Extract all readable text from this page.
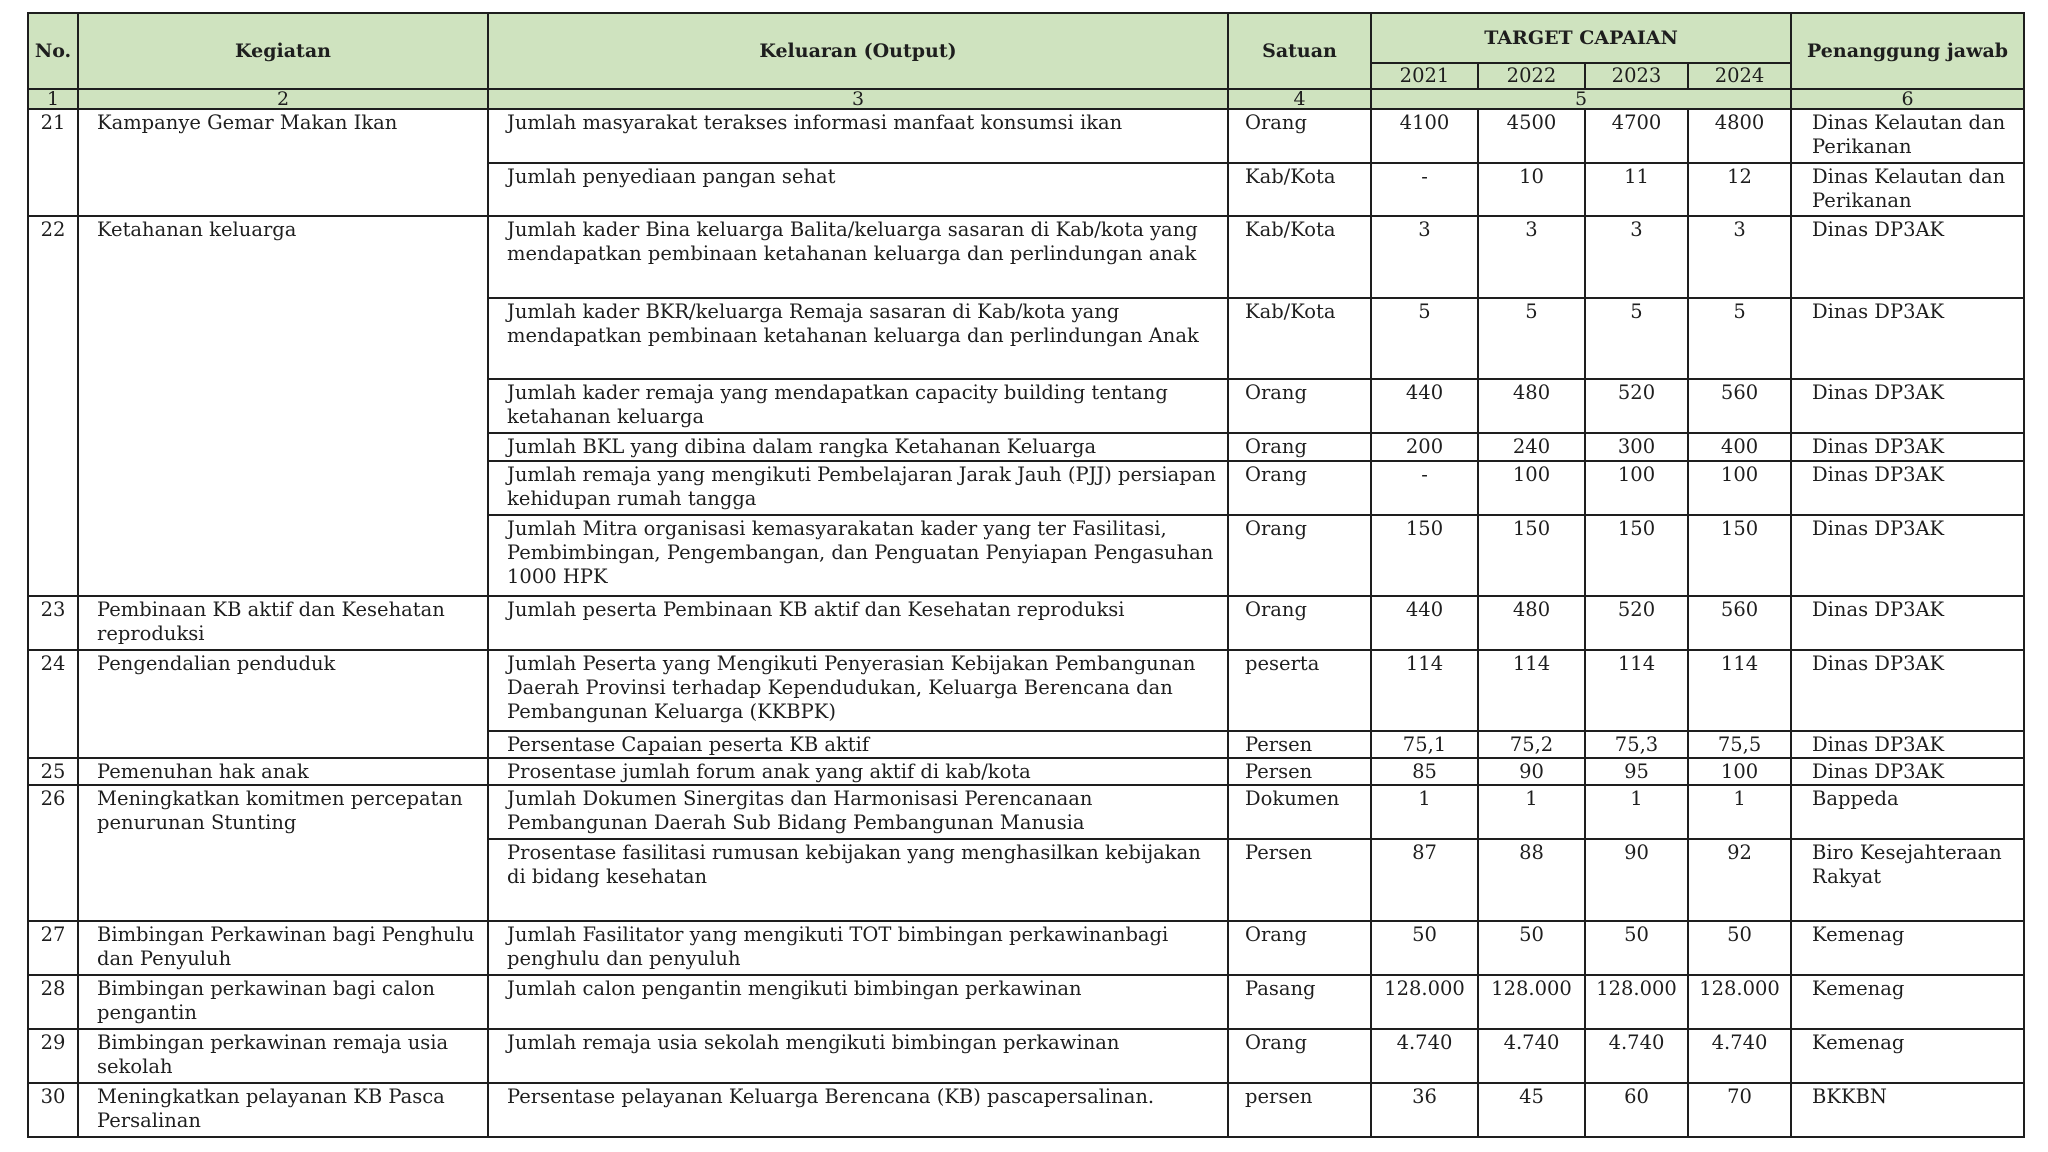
No.	Kegiatan	Keluaran (Output)	Satuan	TARGET CAPAIAN				Penanggung jawab
				2021	2022	2023	2024	
1	2	3	4	5				6
21	Kampanye Gemar Makan Ikan	Jumlah masyarakat terakses informasi manfaat konsumsi ikan	Orang	4100	4500	4700	4800	Dinas Kelautan dan Perikanan
		Jumlah penyediaan pangan sehat	Kab/Kota	-	10	11	12	Dinas Kelautan dan Perikanan
22	Ketahanan keluarga	Jumlah kader Bina keluarga Balita/keluarga sasaran di Kab/kota yang mendapatkan pembinaan ketahanan keluarga dan perlindungan anak	Kab/Kota	3	3	3	3	Dinas DP3AK
		Jumlah kader BKR/keluarga Remaja sasaran di Kab/kota yang mendapatkan pembinaan ketahanan keluarga dan perlindungan Anak	Kab/Kota	5	5	5	5	Dinas DP3AK
		Jumlah kader remaja yang mendapatkan capacity building tentang ketahanan keluarga	Orang	440	480	520	560	Dinas DP3AK
		Jumlah BKL yang dibina dalam rangka Ketahanan Keluarga	Orang	200	240	300	400	Dinas DP3AK
		Jumlah remaja yang mengikuti Pembelajaran Jarak Jauh (PJJ) persiapan kehidupan rumah tangga	Orang	-	100	100	100	Dinas DP3AK
		Jumlah Mitra organisasi kemasyarakatan kader yang ter Fasilitasi, Pembimbingan, Pengembangan, dan Penguatan Penyiapan Pengasuhan 1000 HPK	Orang	150	150	150	150	Dinas DP3AK
23	Pembinaan KB aktif dan Kesehatan reproduksi	Jumlah peserta Pembinaan KB aktif dan Kesehatan reproduksi	Orang	440	480	520	560	Dinas DP3AK
24	Pengendalian penduduk	Jumlah Peserta yang Mengikuti Penyerasian Kebijakan Pembangunan Daerah Provinsi terhadap Kependudukan, Keluarga Berencana dan Pembangunan Keluarga (KKBPK)	peserta	114	114	114	114	Dinas DP3AK
		Persentase Capaian peserta KB aktif	Persen	75,1	75,2	75,3	75,5	Dinas DP3AK
25	Pemenuhan hak anak	Prosentase jumlah forum anak yang aktif di kab/kota	Persen	85	90	95	100	Dinas DP3AK
26	Meningkatkan komitmen percepatan penurunan Stunting	Jumlah Dokumen Sinergitas dan Harmonisasi Perencanaan Pembangunan Daerah Sub Bidang Pembangunan Manusia	Dokumen	1	1	1	1	Bappeda
		Prosentase fasilitasi rumusan kebijakan yang menghasilkan kebijakan di bidang kesehatan	Persen	87	88	90	92	Biro Kesejahteraan Rakyat
27	Bimbingan Perkawinan bagi Penghulu dan Penyuluh	Jumlah Fasilitator yang mengikuti TOT bimbingan perkawinanbagi penghulu dan penyuluh	Orang	50	50	50	50	Kemenag
28	Bimbingan perkawinan bagi calon pengantin	Jumlah calon pengantin mengikuti bimbingan perkawinan	Pasang	128.000	128.000	128.000	128.000	Kemenag
29	Bimbingan perkawinan remaja usia sekolah	Jumlah remaja usia sekolah mengikuti bimbingan perkawinan	Orang	4.740	4.740	4.740	4.740	Kemenag
30	Meningkatkan pelayanan KB Pasca Persalinan	Persentase pelayanan Keluarga Berencana (KB) pascapersalinan.	persen	36	45	60	70	BKKBN
